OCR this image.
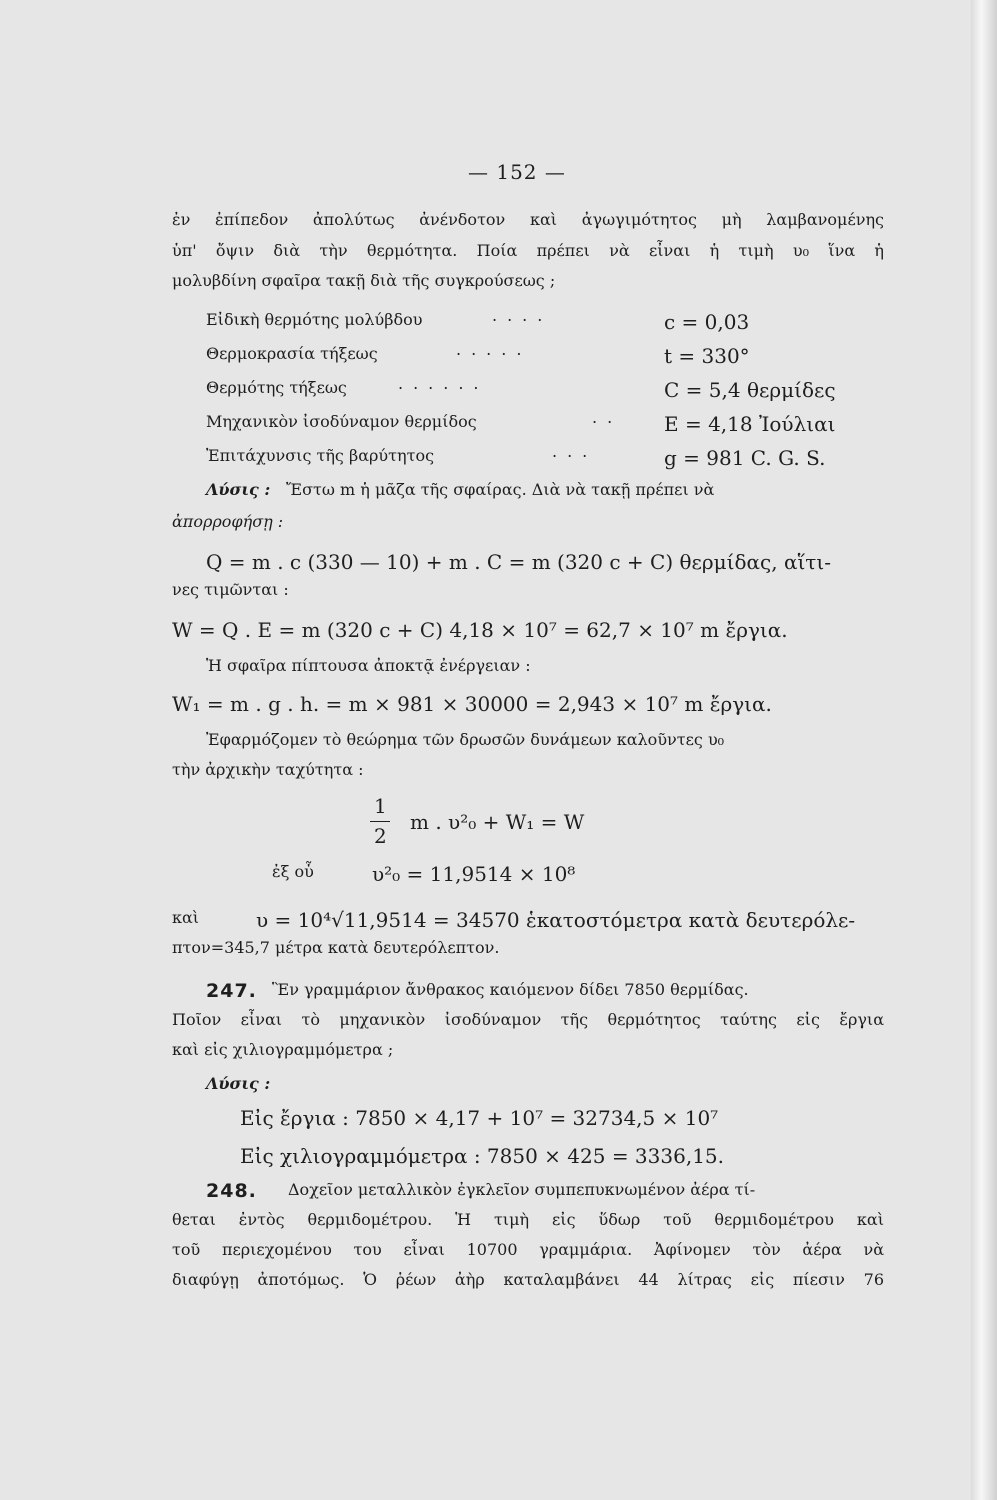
— 152 —
ἐν ἐπίπεδον ἀπολύτως ἀνένδοτον καὶ ἀγωγιμότητος μὴ λαμβανομένης
ὑπ' ὄψιν διὰ τὴν θερμότητα. Ποία πρέπει νὰ εἶναι ἡ τιμὴ υ₀ ἵνα ἡ
μολυβδίνη σφαῖρα τακῇ διὰ τῆς συγκρούσεως ;
Εἰδικὴ θερμότης μολύβδου	....	c = 0,03
Θερμοκρασία τήξεως	.....	t = 330°
Θερμότης τήξεως	......	C = 5,4 θερμίδες
Μηχανικὸν ἰσοδύναμον θερμίδος	.. E = 4,18 Ἰούλιαι
Ἐπιτάχυνσις τῆς βαρύτητος	...	g = 981 C. G. S.
Λύσις : Ἔστω m ἡ μᾶζα τῆς σφαίρας. Διὰ νὰ τακῇ πρέπει νὰ
ἀπορροφήσῃ :
Q = m . c (330 — 10) + m . C = m (320 c + C) θερμίδας, αἵτι-
νες τιμῶνται :
W = Q . E = m (320 c + C) 4,18 × 10⁷ = 62,7 × 10⁷ m ἔργια.
Ἡ σφαῖρα πίπτουσα ἀποκτᾷ ἐνέργειαν :
W₁ = m . g . h. = m × 981 × 30000 = 2,943 × 10⁷ m ἔργια.
Ἐφαρμόζομεν τὸ θεώρημα τῶν δρωσῶν δυνάμεων καλοῦντες υ₀
τὴν ἀρχικὴν ταχύτητα :
1
2
m . υ²₀ + W₁ = W
ἐξ οὗ	υ²₀ = 11,9514 × 10⁸
καὶ	υ = 10⁴√11,9514 = 34570 ἑκατοστόμετρα κατὰ δευτερόλε-
πτον=345,7 μέτρα κατὰ δευτερόλεπτον.
247. Ἓν γραμμάριον ἄνθρακος καιόμενον δίδει 7850 θερμίδας.
Ποῖον εἶναι τὸ μηχανικὸν ἰσοδύναμον τῆς θερμότητος ταύτης εἰς ἔργια
καὶ εἰς χιλιογραμμόμετρα ;
Λύσις :
Εἰς ἔργια : 7850 × 4,17 + 10⁷ = 32734,5 × 10⁷
Εἰς χιλιογραμμόμετρα : 7850 × 425 = 3336,15.
248. Δοχεῖον μεταλλικὸν ἐγκλεῖον συμπεπυκνωμένον ἀέρα τί-
θεται ἐντὸς θερμιδομέτρου. Ἡ τιμὴ εἰς ὕδωρ τοῦ θερμιδομέτρου καὶ
τοῦ περιεχομένου του εἶναι 10700 γραμμάρια. Ἀφίνομεν τὸν ἀέρα νὰ
διαφύγῃ ἀποτόμως. Ὁ ῥέων ἀὴρ καταλαμβάνει 44 λίτρας εἰς πίεσιν 76
